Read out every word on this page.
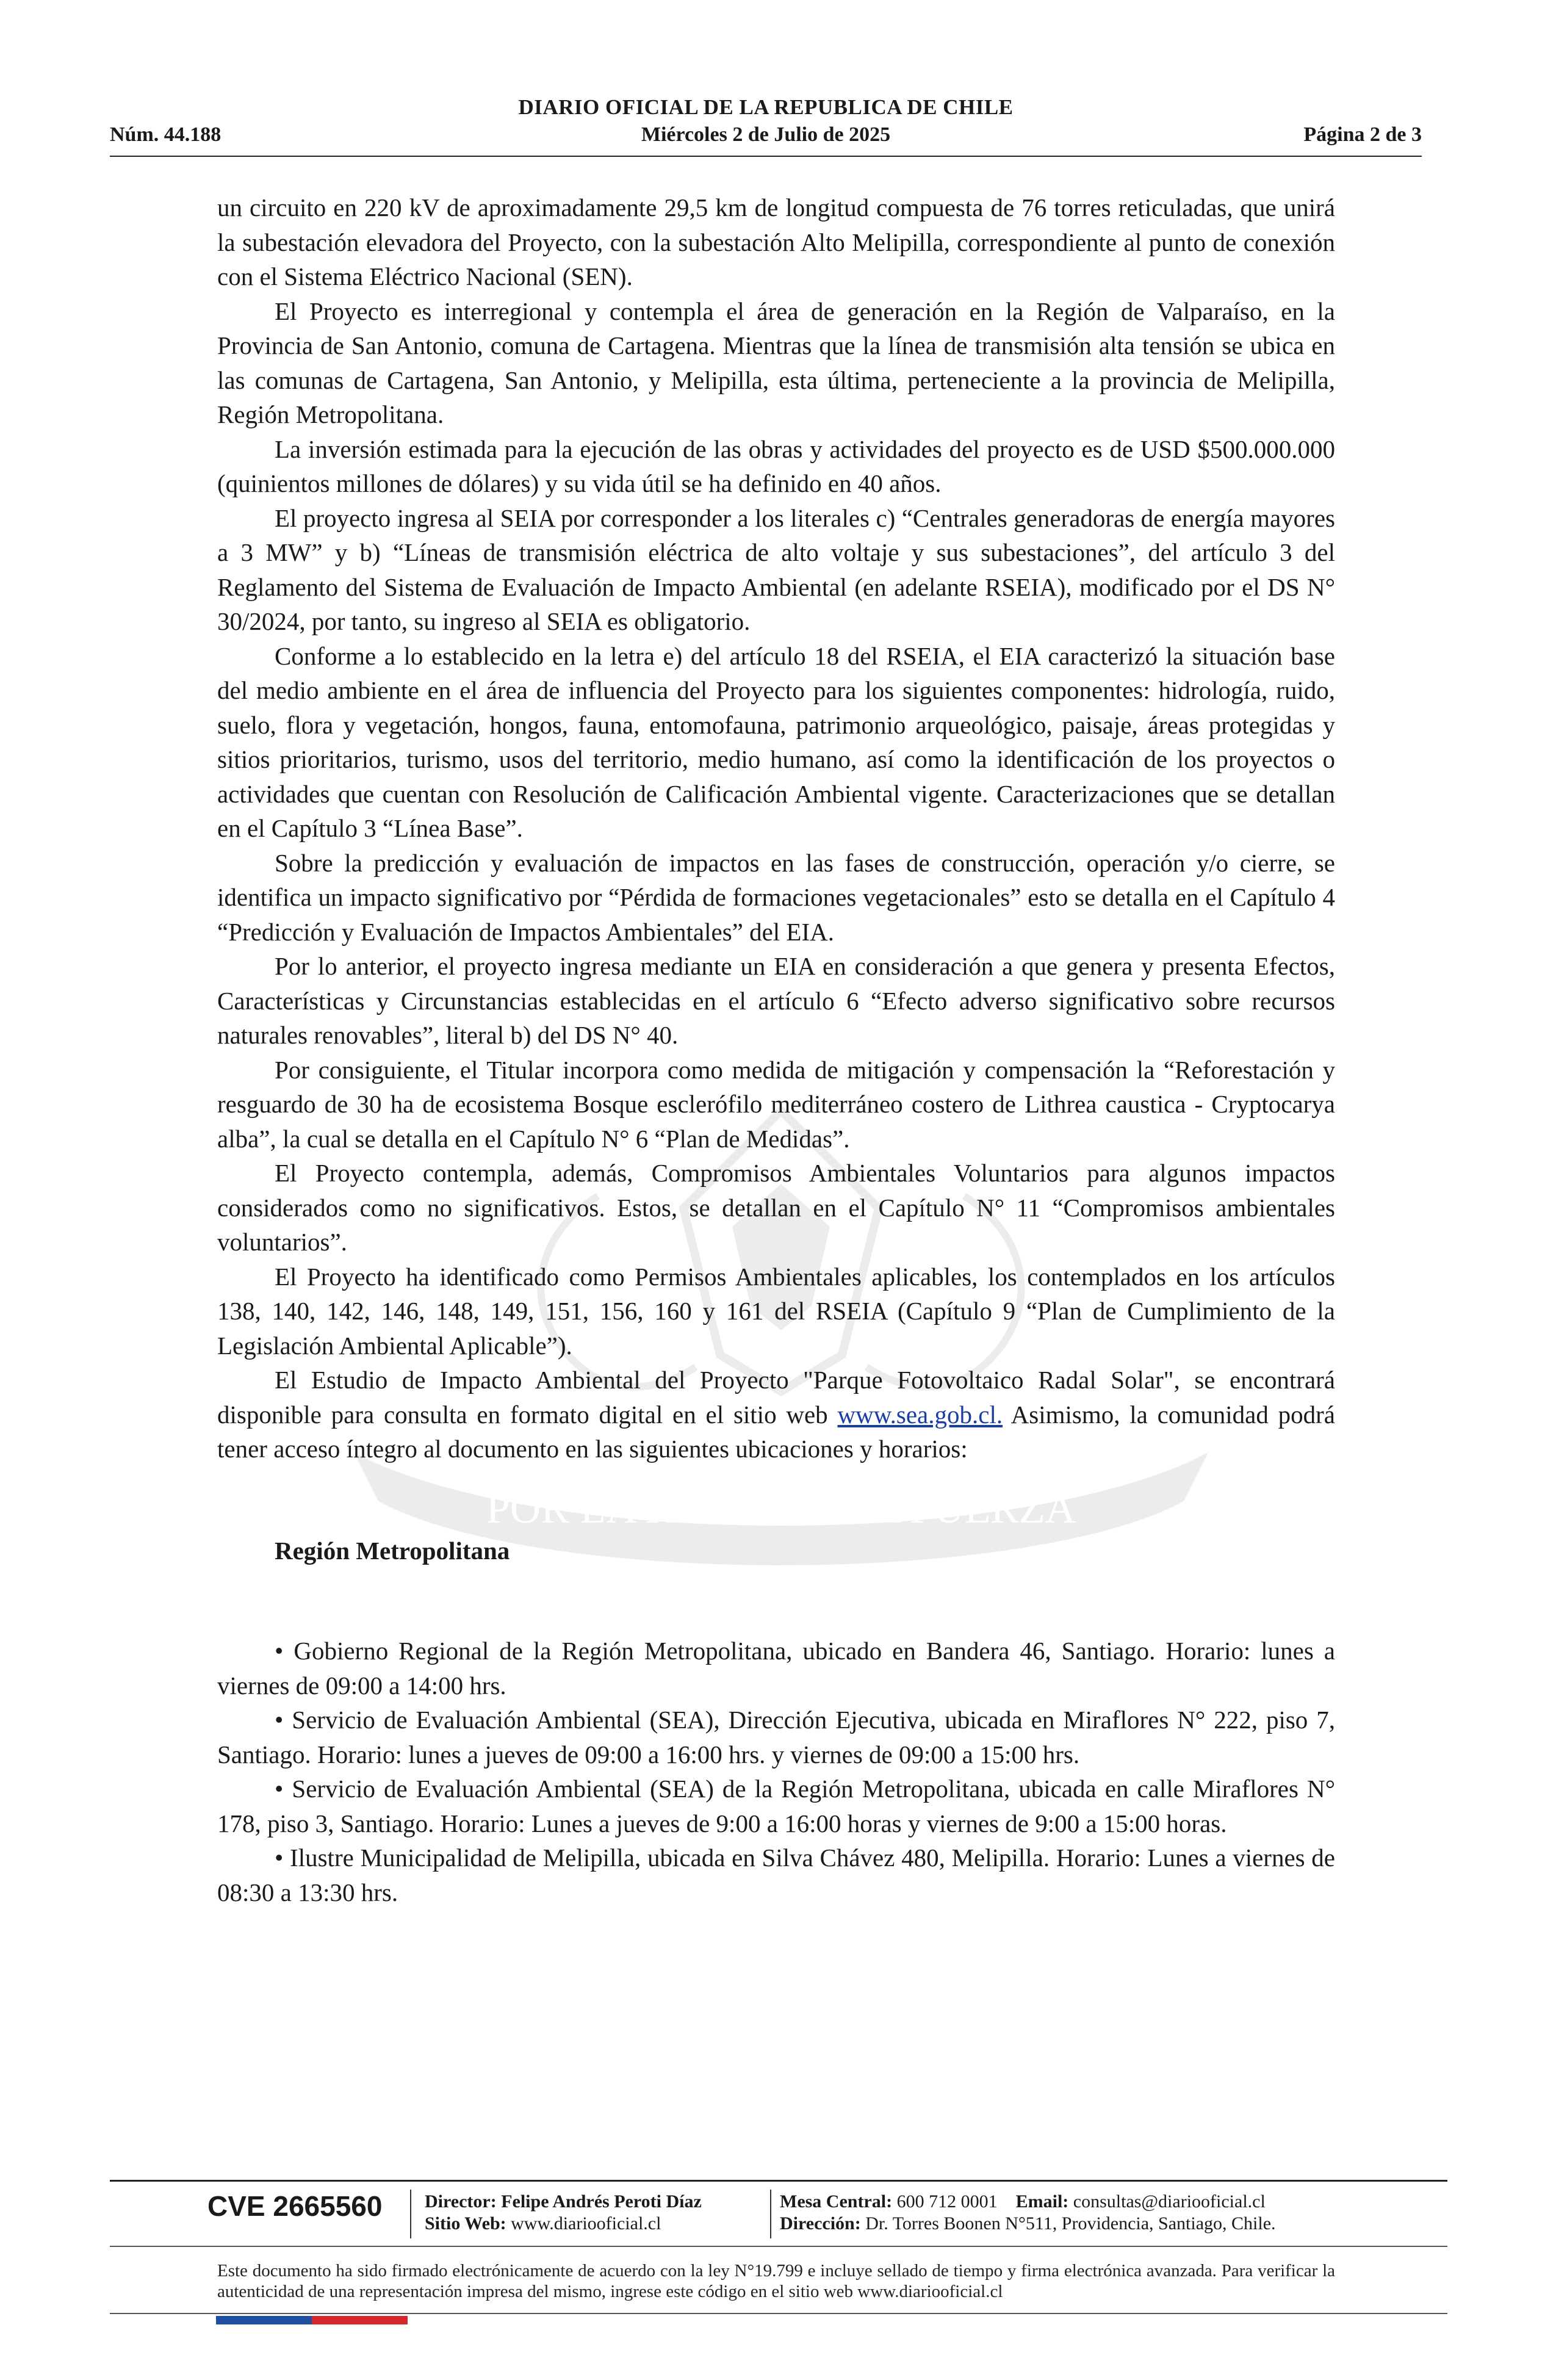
DIARIO OFICIAL DE LA REPUBLICA DE CHILE
Núm. 44.188	Miércoles 2 de Julio de 2025	Página 2 de 3
POR LA RAZÓN O LA FUERZA

un circuito en 220 kV de aproximadamente 29,5 km de longitud compuesta de 76 torres reticuladas, que unirá la subestación elevadora del Proyecto, con la subestación Alto Melipilla, correspondiente al punto de conexión con el Sistema Eléctrico Nacional (SEN).

El Proyecto es interregional y contempla el área de generación en la Región de Valparaíso, en la Provincia de San Antonio, comuna de Cartagena. Mientras que la línea de transmisión alta tensión se ubica en las comunas de Cartagena, San Antonio, y Melipilla, esta última, perteneciente a la provincia de Melipilla, Región Metropolitana.

La inversión estimada para la ejecución de las obras y actividades del proyecto es de USD $500.000.000 (quinientos millones de dólares) y su vida útil se ha definido en 40 años.

El proyecto ingresa al SEIA por corresponder a los literales c) “Centrales generadoras de energía mayores a 3 MW” y b) “Líneas de transmisión eléctrica de alto voltaje y sus subestaciones”, del artículo 3 del Reglamento del Sistema de Evaluación de Impacto Ambiental (en adelante RSEIA), modificado por el DS N° 30/2024, por tanto, su ingreso al SEIA es obligatorio.

Conforme a lo establecido en la letra e) del artículo 18 del RSEIA, el EIA caracterizó la situación base del medio ambiente en el área de influencia del Proyecto para los siguientes componentes: hidrología, ruido, suelo, flora y vegetación, hongos, fauna, entomofauna, patrimonio arqueológico, paisaje, áreas protegidas y sitios prioritarios, turismo, usos del territorio, medio humano, así como la identificación de los proyectos o actividades que cuentan con Resolución de Calificación Ambiental vigente. Caracterizaciones que se detallan en el Capítulo 3 “Línea Base”.

Sobre la predicción y evaluación de impactos en las fases de construcción, operación y/o cierre, se identifica un impacto significativo por “Pérdida de formaciones vegetacionales” esto se detalla en el Capítulo 4 “Predicción y Evaluación de Impactos Ambientales” del EIA.

Por lo anterior, el proyecto ingresa mediante un EIA en consideración a que genera y presenta Efectos, Características y Circunstancias establecidas en el artículo 6 “Efecto adverso significativo sobre recursos naturales renovables”, literal b) del DS N° 40.

Por consiguiente, el Titular incorpora como medida de mitigación y compensación la “Reforestación y resguardo de 30 ha de ecosistema Bosque esclerófilo mediterráneo costero de Lithrea caustica - Cryptocarya alba”, la cual se detalla en el Capítulo N° 6 “Plan de Medidas”.

El Proyecto contempla, además, Compromisos Ambientales Voluntarios para algunos impactos considerados como no significativos. Estos, se detallan en el Capítulo N° 11 “Compromisos ambientales voluntarios”.

El Proyecto ha identificado como Permisos Ambientales aplicables, los contemplados en los artículos 138, 140, 142, 146, 148, 149, 151, 156, 160 y 161 del RSEIA (Capítulo 9 “Plan de Cumplimiento de la Legislación Ambiental Aplicable”).

El Estudio de Impacto Ambiental del Proyecto "Parque Fotovoltaico Radal Solar", se encontrará disponible para consulta en formato digital en el sitio web www.sea.gob.cl. Asimismo, la comunidad podrá tener acceso íntegro al documento en las siguientes ubicaciones y horarios:

Región Metropolitana

• Gobierno Regional de la Región Metropolitana, ubicado en Bandera 46, Santiago. Horario: lunes a viernes de 09:00 a 14:00 hrs.

• Servicio de Evaluación Ambiental (SEA), Dirección Ejecutiva, ubicada en Miraflores N° 222, piso 7, Santiago. Horario: lunes a jueves de 09:00 a 16:00 hrs. y viernes de 09:00 a 15:00 hrs.

• Servicio de Evaluación Ambiental (SEA) de la Región Metropolitana, ubicada en calle Miraflores N° 178, piso 3, Santiago. Horario: Lunes a jueves de 9:00 a 16:00 horas y viernes de 9:00 a 15:00 horas.

• Ilustre Municipalidad de Melipilla, ubicada en Silva Chávez 480, Melipilla. Horario: Lunes a viernes de 08:30 a 13:30 hrs.

CVE 2665560 Director: Felipe Andrés Peroti Díaz
Sitio Web: www.diariooficial.cl
Mesa Central: 600 712 0001 Email: consultas@diariooficial.cl
Dirección: Dr. Torres Boonen N°511, Providencia, Santiago, Chile.
Este documento ha sido firmado electrónicamente de acuerdo con la ley N°19.799 e incluye sellado de tiempo y firma electrónica avanzada. Para verificar la autenticidad de una representación impresa del mismo, ingrese este código en el sitio web www.diariooficial.cl
